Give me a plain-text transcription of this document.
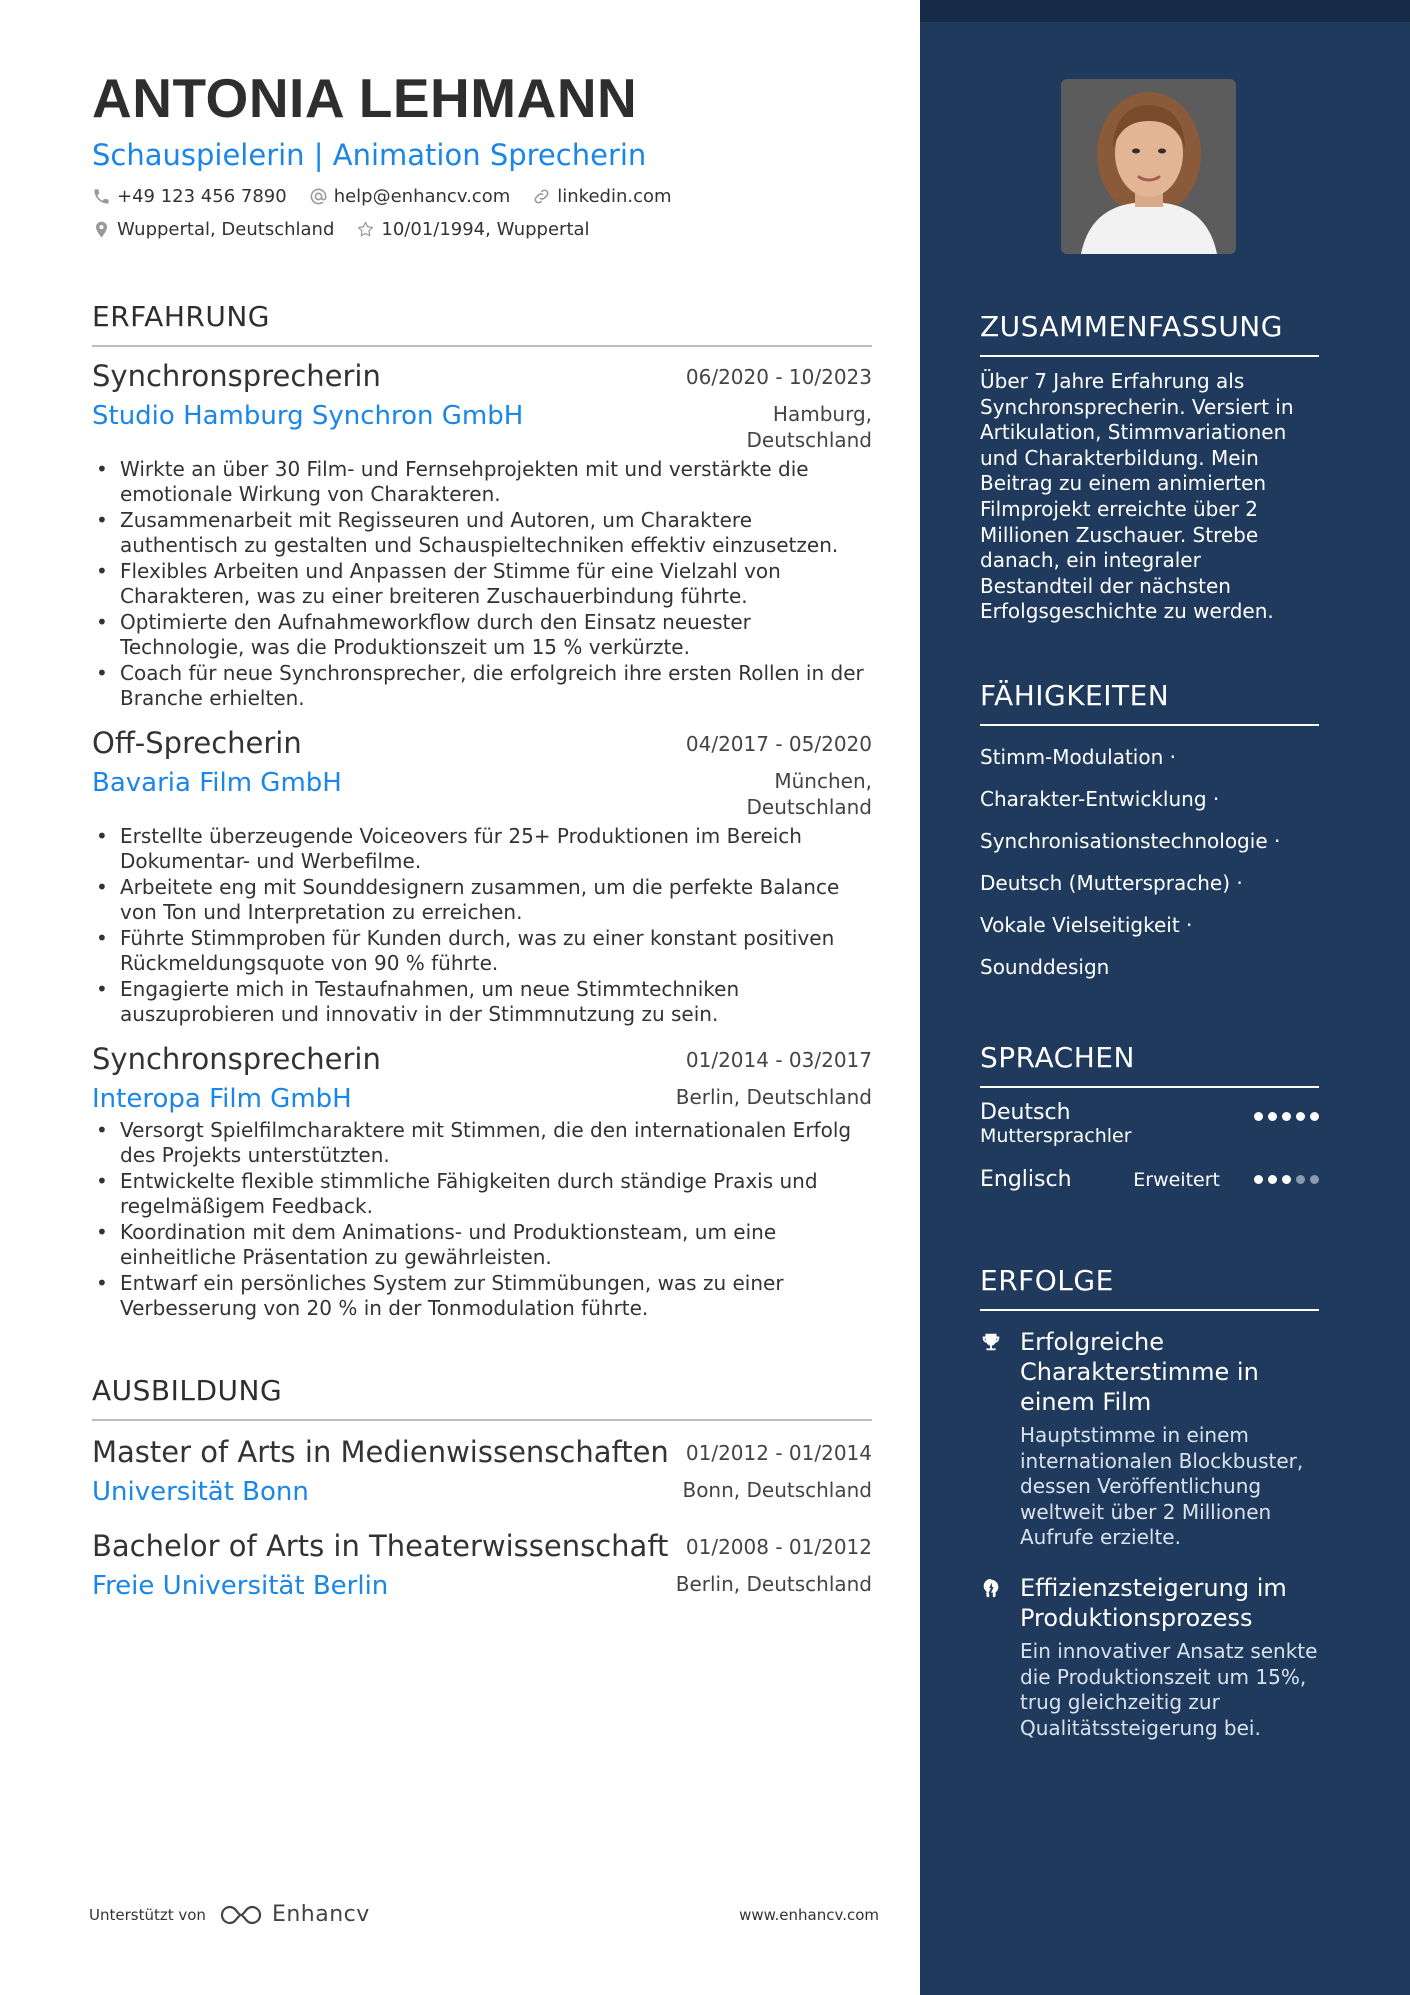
ANTONIA LEHMANN
Schauspielerin | Animation Sprecherin
+49 123 456 7890	help@enhancv.com	linkedin.com
Wuppertal, Deutschland	10/01/1994, Wuppertal
ERFAHRUNG
Synchronsprecherin	06/2020 - 10/2023
Studio Hamburg Synchron GmbH	Hamburg, Deutschland
• Wirkte an über 30 Film- und Fernsehprojekten mit und verstärkte die emotionale Wirkung von Charakteren.
• Zusammenarbeit mit Regisseuren und Autoren, um Charaktere authentisch zu gestalten und Schauspieltechniken effektiv einzusetzen.
• Flexibles Arbeiten und Anpassen der Stimme für eine Vielzahl von Charakteren, was zu einer breiteren Zuschauerbindung führte.
• Optimierte den Aufnahmeworkflow durch den Einsatz neuester Technologie, was die Produktionszeit um 15 % verkürzte.
• Coach für neue Synchronsprecher, die erfolgreich ihre ersten Rollen in der Branche erhielten.
Off-Sprecherin	04/2017 - 05/2020
Bavaria Film GmbH	München, Deutschland
• Erstellte überzeugende Voiceovers für 25+ Produktionen im Bereich Dokumentar- und Werbefilme.
• Arbeitete eng mit Sounddesignern zusammen, um die perfekte Balance von Ton und Interpretation zu erreichen.
• Führte Stimmproben für Kunden durch, was zu einer konstant positiven Rückmeldungsquote von 90 % führte.
• Engagierte mich in Testaufnahmen, um neue Stimmtechniken auszuprobieren und innovativ in der Stimmnutzung zu sein.
Synchronsprecherin	01/2014 - 03/2017
Interopa Film GmbH	Berlin, Deutschland
• Versorgt Spielfilmcharaktere mit Stimmen, die den internationalen Erfolg des Projekts unterstützten.
• Entwickelte flexible stimmliche Fähigkeiten durch ständige Praxis und regelmäßigem Feedback.
• Koordination mit dem Animations- und Produktionsteam, um eine einheitliche Präsentation zu gewährleisten.
• Entwarf ein persönliches System zur Stimmübungen, was zu einer Verbesserung von 20 % in der Tonmodulation führte.
AUSBILDUNG
Master of Arts in Medienwissenschaften 01/2012 - 01/2014
Universität Bonn	Bonn, Deutschland
Bachelor of Arts in Theaterwissenschaft 01/2008 - 01/2012
Freie Universität Berlin	Berlin, Deutschland
Unterstützt von	Enhancv	www.enhancv.com
ZUSAMMENFASSUNG
Über 7 Jahre Erfahrung als Synchronsprecherin. Versiert in Artikulation, Stimmvariationen und Charakterbildung. Mein Beitrag zu einem animierten Filmprojekt erreichte über 2 Millionen Zuschauer. Strebe danach, ein integraler Bestandteil der nächsten Erfolgsgeschichte zu werden.
FÄHIGKEITEN
Stimm-Modulation ·
Charakter-Entwicklung ·
Synchronisationstechnologie ·
Deutsch (Muttersprache) ·
Vokale Vielseitigkeit ·
Sounddesign
SPRACHEN
Deutsch
Muttersprachler
Englisch	Erweitert
ERFOLGE
Erfolgreiche Charakterstimme in einem Film
Hauptstimme in einem internationalen Blockbuster, dessen Veröffentlichung weltweit über 2 Millionen Aufrufe erzielte.
Effizienzsteigerung im Produktionsprozess
Ein innovativer Ansatz senkte die Produktionszeit um 15%, trug gleichzeitig zur Qualitätssteigerung bei.
